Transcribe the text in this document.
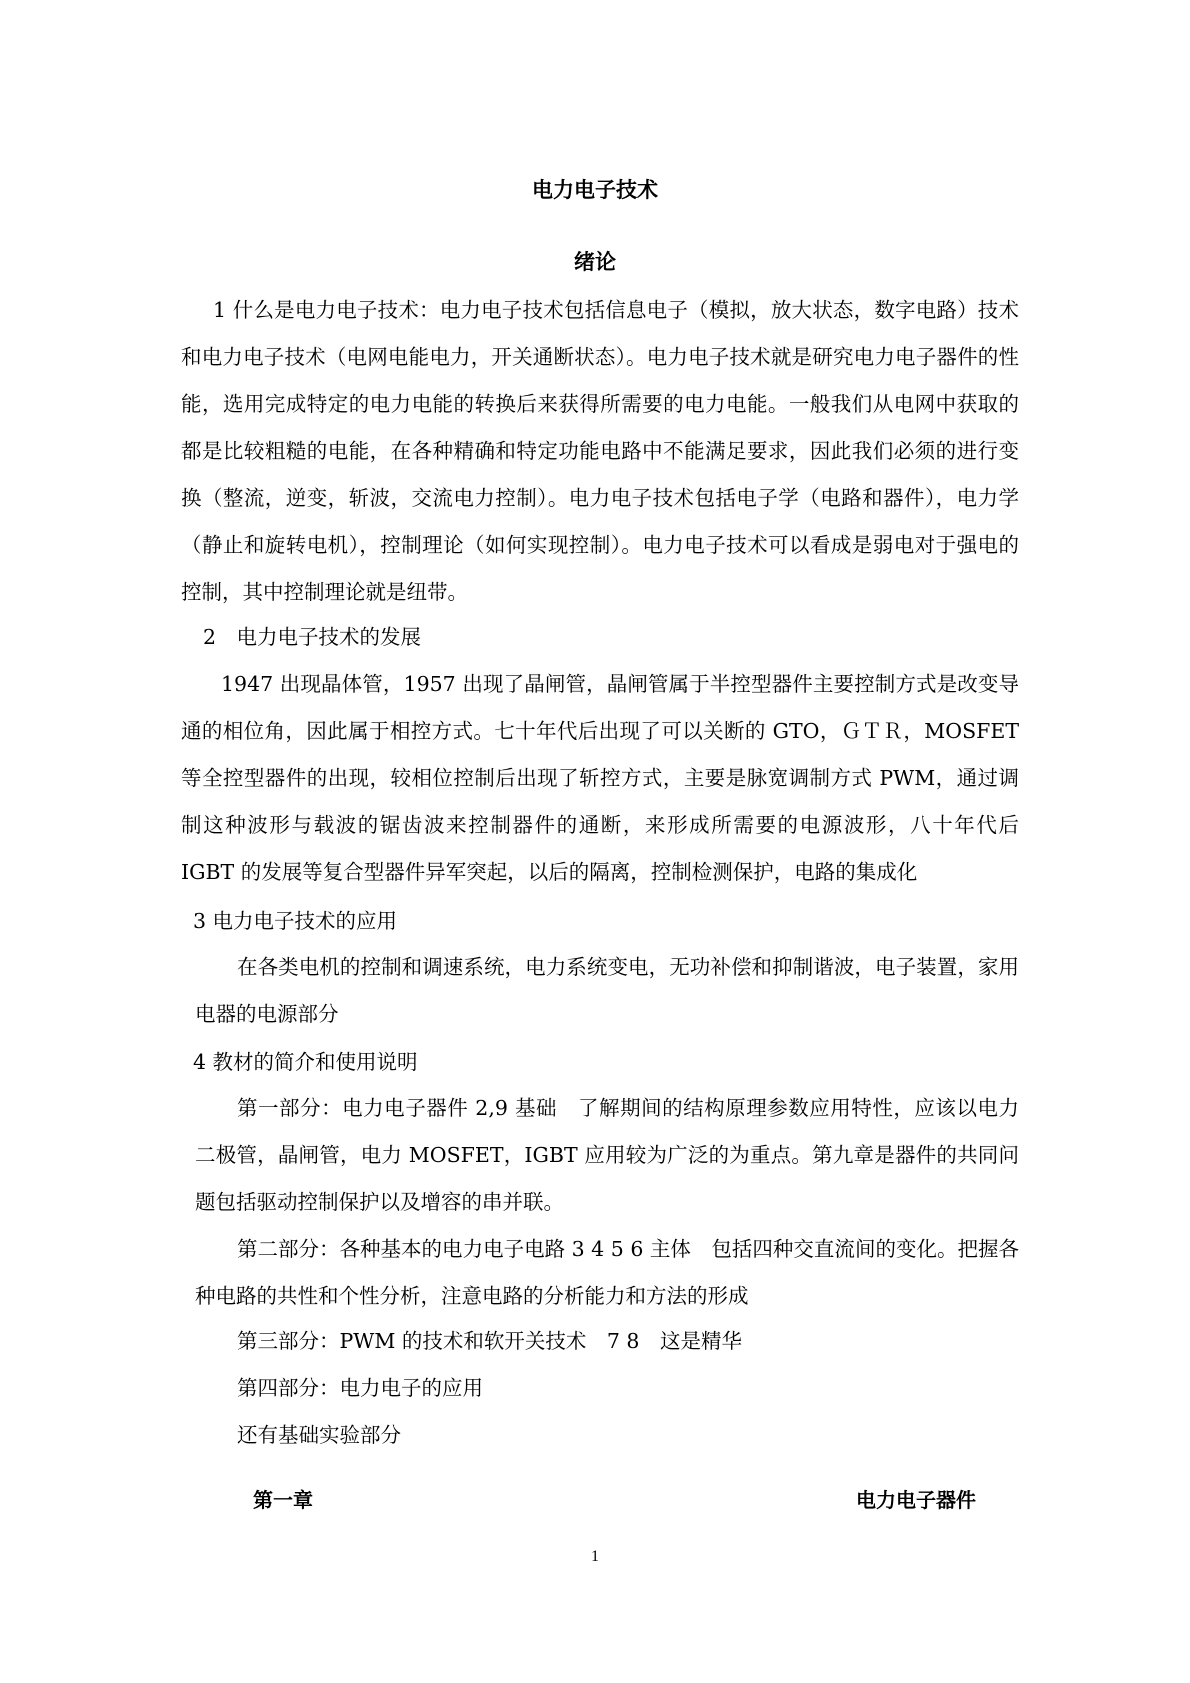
电力电子技术
绪论

1 什么是电力电子技术：电力电子技术包括信息电子（模拟，放大状态，数字电路）技术和电力电子技术（电网电能电力，开关通断状态）。电力电子技术就是研究电力电子器件的性能，选用完成特定的电力电能的转换后来获得所需要的电力电能。一般我们从电网中获取的都是比较粗糙的电能，在各种精确和特定功能电路中不能满足要求，因此我们必须的进行变换（整流，逆变，斩波，交流电力控制）。电力电子技术包括电子学（电路和器件），电力学（静止和旋转电机），控制理论（如何实现控制）。电力电子技术可以看成是弱电对于强电的控制，其中控制理论就是纽带。

2　电力电子技术的发展

1947 出现晶体管，1957 出现了晶闸管，晶闸管属于半控型器件主要控制方式是改变导通的相位角，因此属于相控方式。七十年代后出现了可以关断的 GTO，ＧＴＲ，MOSFET 等全控型器件的出现，较相位控制后出现了斩控方式，主要是脉宽调制方式 PWM，通过调制这种波形与载波的锯齿波来控制器件的通断，来形成所需要的电源波形，八十年代后 IGBT 的发展等复合型器件异军突起，以后的隔离，控制检测保护，电路的集成化

3 电力电子技术的应用

在各类电机的控制和调速系统，电力系统变电，无功补偿和抑制谐波，电子装置，家用电器的电源部分

4 教材的简介和使用说明

第一部分：电力电子器件 2,9 基础　了解期间的结构原理参数应用特性，应该以电力二极管，晶闸管，电力 MOSFET，IGBT 应用较为广泛的为重点。第九章是器件的共同问题包括驱动控制保护以及增容的串并联。

第二部分：各种基本的电力电子电路 3 4 5 6 主体　包括四种交直流间的变化。把握各种电路的共性和个性分析，注意电路的分析能力和方法的形成

第三部分：PWM 的技术和软开关技术　7 8　这是精华

第四部分：电力电子的应用

还有基础实验部分

第一章	电力电子器件
1
